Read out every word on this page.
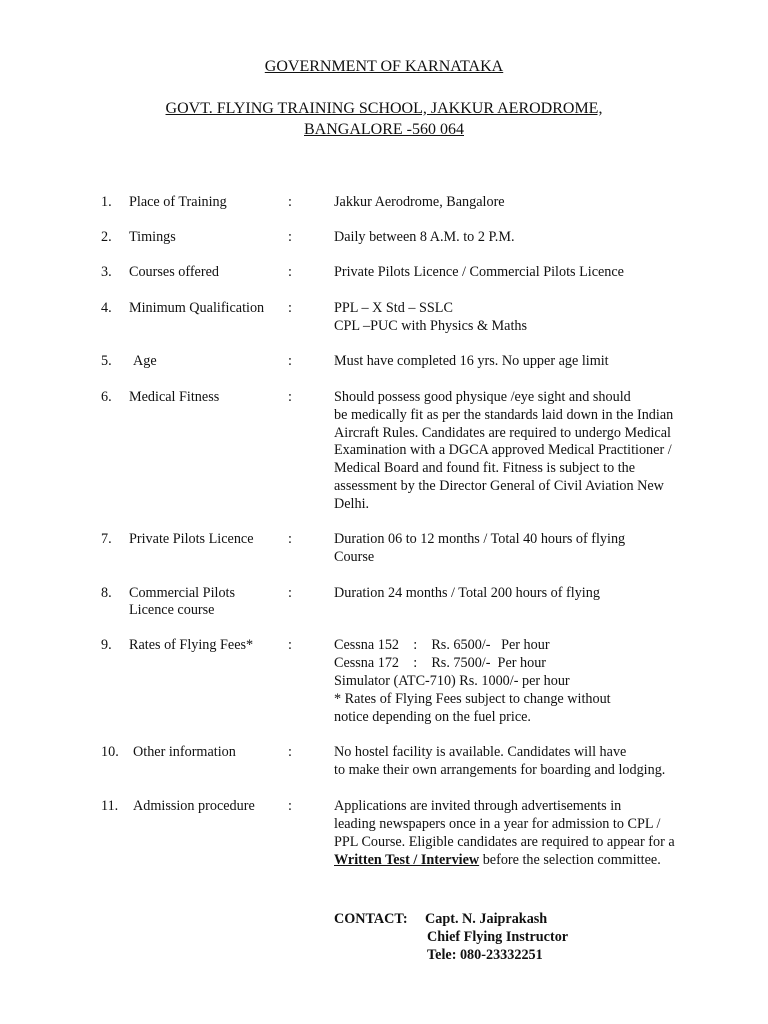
GOVERNMENT OF KARNATAKA
GOVT. FLYING TRAINING SCHOOL, JAKKUR AERODROME,
BANGALORE -560 064
1. Place of Training	:	Jakkur Aerodrome, Bangalore
2. Timings	:	Daily between 8 A.M. to 2 P.M.
3. Courses offered	:	Private Pilots Licence / Commercial Pilots Licence
4. Minimum Qualification :	PPL – X Std – SSLC
CPL –PUC with Physics & Maths
5. Age	:	Must have completed 16 yrs. No upper age limit
6. Medical Fitness	:	Should possess good physique /eye sight and should
be medically fit as per the standards laid down in the Indian
Aircraft Rules. Candidates are required to undergo Medical
Examination with a DGCA approved Medical Practitioner /
Medical Board and found fit. Fitness is subject to the
assessment by the Director General of Civil Aviation New
Delhi.
7. Private Pilots Licence :	Duration 06 to 12 months / Total 40 hours of flying
Course
8. Commercial Pilots
Licence course
:	Duration 24 months / Total 200 hours of flying
9. Rates of Flying Fees* :	Cessna 152    :    Rs. 6500/-   Per hour
Cessna 172    :    Rs. 7500/-  Per hour
Simulator (ATC-710) Rs. 1000/- per hour
* Rates of Flying Fees subject to change without
notice depending on the fuel price.
10. Other information	:	No hostel facility is available. Candidates will have
to make their own arrangements for boarding and lodging.
11. Admission procedure :	Applications are invited through advertisements in
leading newspapers once in a year for admission to CPL /
PPL Course. Eligible candidates are required to appear for a
Written Test / Interview before the selection committee.
CONTACT: Capt. N. Jaiprakash
Chief Flying Instructor
Tele: 080-23332251
